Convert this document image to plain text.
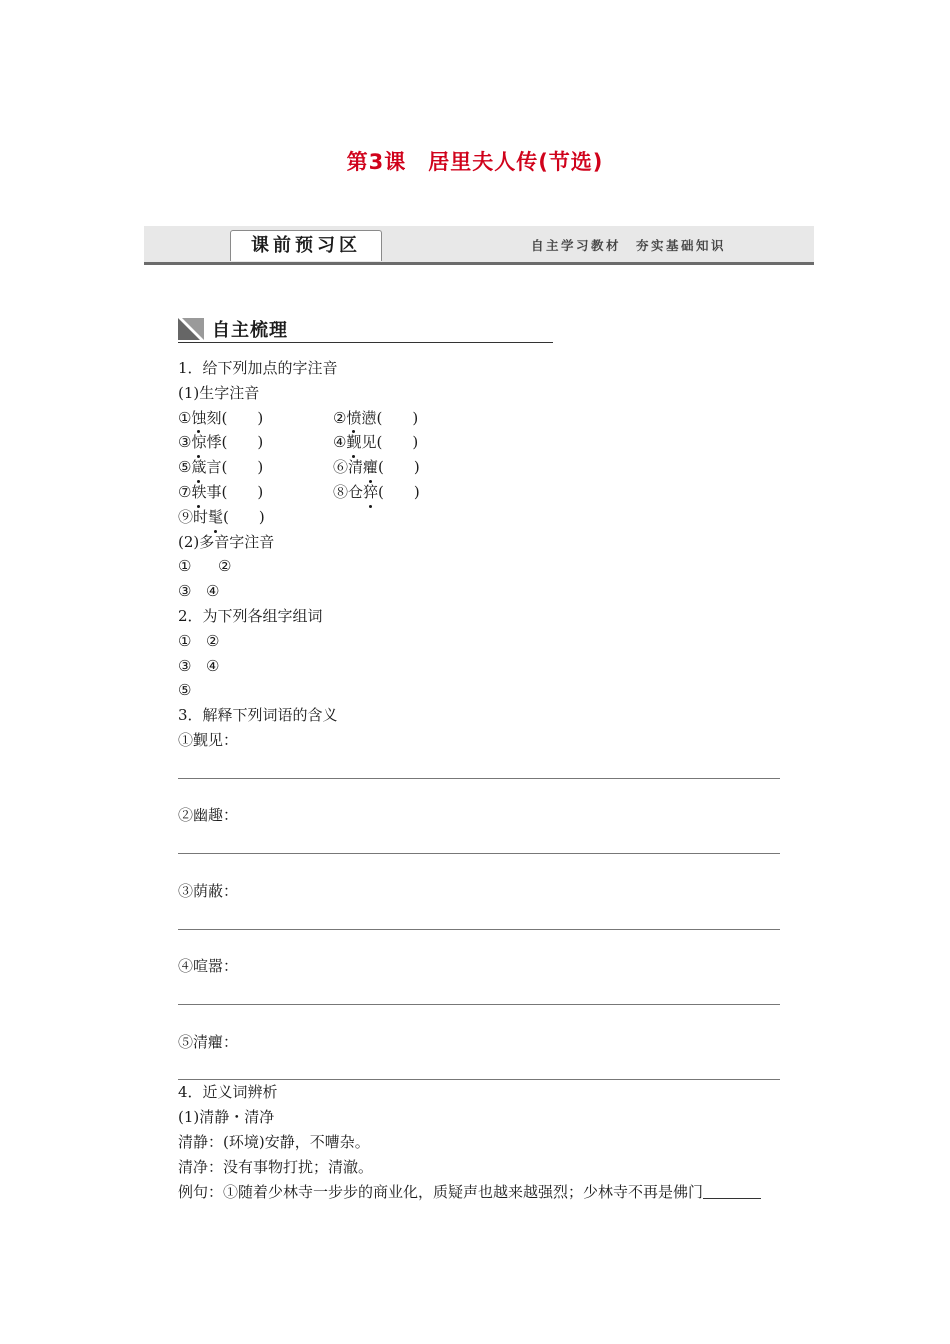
第3课　居里夫人传(节选)
课前预习区	自主学习教材　夯实基础知识
自主梳理
1．给下列加点的字注音
(1)生字注音
①蚀刻(　　)	②愤懑(　　)
③惊悸(　　)	④觐见(　　)
⑤箴言(　　)	⑥清癯(　　)
⑦轶事(　　)	⑧仓猝(　　)
⑨时髦(　　)
(2)多音字注音
① ②
③ ④
2．为下列各组字组词
① ②
③ ④
⑤
3．解释下列词语的含义
①觐见：
②幽趣：
③荫蔽：
④喧嚣：
⑤清癯：
4．近义词辨析
(1)清静・清净
清静：(环境)安静，不嘈杂。
清净：没有事物打扰；清澈。
例句：①随着少林寺一步步的商业化，质疑声也越来越强烈；少林寺不再是佛门
